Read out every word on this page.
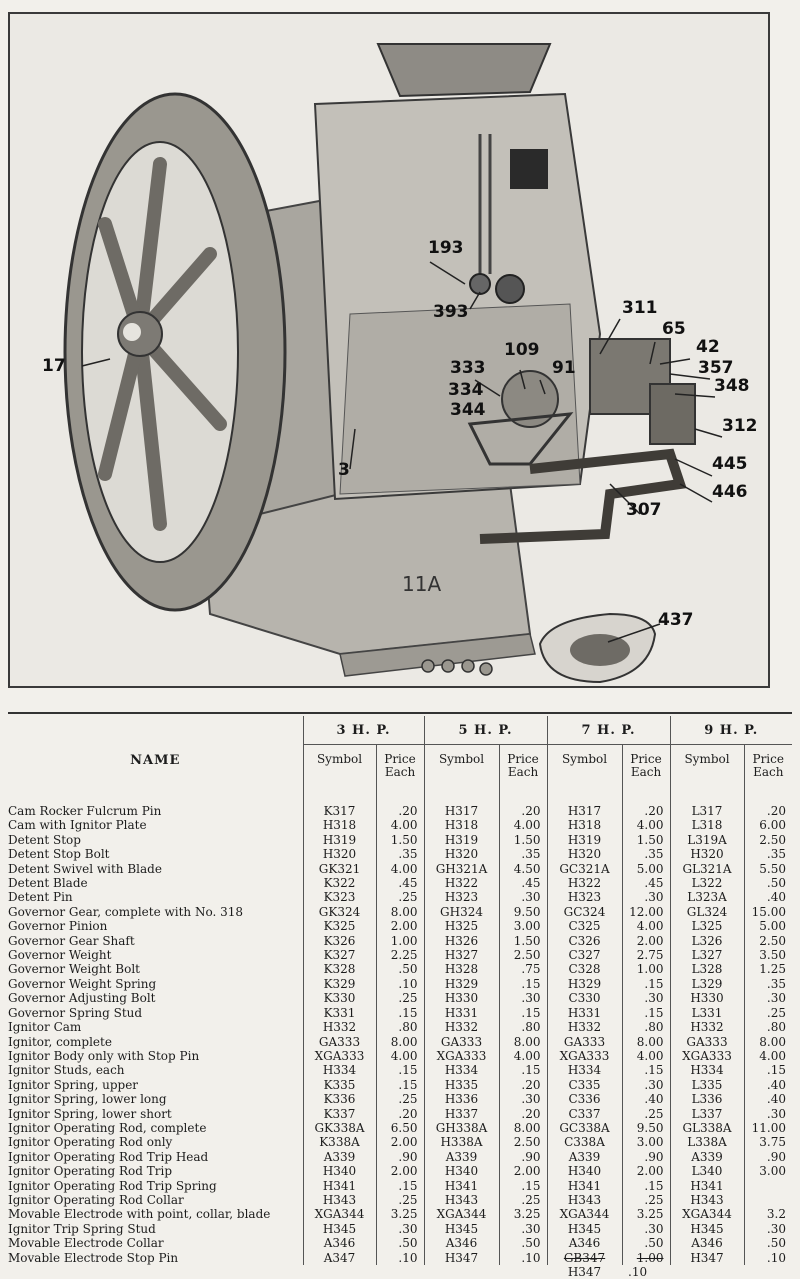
193
393	311
65
42
357
348
333
109
91
334
344
312
17
3	445
446
307
437
11A
NAME	3 H. P.		5 H. P.		7 H. P.		9 H. P.	
	Symbol	Price Each	Symbol	Price Each	Symbol	Price Each	Symbol	Price Each
Cam Rocker Fulcrum Pin	K317	.20	H317	.20	H317	.20	L317	.20
Cam with Ignitor Plate	H318	4.00	H318	4.00	H318	4.00	L318	6.00
Detent Stop	H319	1.50	H319	1.50	H319	1.50	L319A	2.50
Detent Stop Bolt	H320	.35	H320	.35	H320	.35	H320	.35
Detent Swivel with Blade	GK321	4.00	GH321A	4.50	GC321A	5.00	GL321A	5.50
Detent Blade	K322	.45	H322	.45	H322	.45	L322	.50
Detent Pin	K323	.25	H323	.30	H323	.30	L323A	.40
Governor Gear, complete with No. 318	GK324	8.00	GH324	9.50	GC324	12.00	GL324	15.00
Governor Pinion	K325	2.00	H325	3.00	C325	4.00	L325	5.00
Governor Gear Shaft	K326	1.00	H326	1.50	C326	2.00	L326	2.50
Governor Weight	K327	2.25	H327	2.50	C327	2.75	L327	3.50
Governor Weight Bolt	K328	.50	H328	.75	C328	1.00	L328	1.25
Governor Weight Spring	K329	.10	H329	.15	H329	.15	L329	.35
Governor Adjusting Bolt	K330	.25	H330	.30	C330	.30	H330	.30
Governor Spring Stud	K331	.15	H331	.15	H331	.15	L331	.25
Ignitor Cam	H332	.80	H332	.80	H332	.80	H332	.80
Ignitor, complete	GA333	8.00	GA333	8.00	GA333	8.00	GA333	8.00
Ignitor Body only with Stop Pin	XGA333	4.00	XGA333	4.00	XGA333	4.00	XGA333	4.00
Ignitor Studs, each	H334	.15	H334	.15	H334	.15	H334	.15
Ignitor Spring, upper	K335	.15	H335	.20	C335	.30	L335	.40
Ignitor Spring, lower long	K336	.25	H336	.30	C336	.40	L336	.40
Ignitor Spring, lower short	K337	.20	H337	.20	C337	.25	L337	.30
Ignitor Operating Rod, complete	GK338A	6.50	GH338A	8.00	GC338A	9.50	GL338A	11.00
Ignitor Operating Rod only	K338A	2.00	H338A	2.50	C338A	3.00	L338A	3.75
Ignitor Operating Rod Trip Head	A339	.90	A339	.90	A339	.90	A339	.90
Ignitor Operating Rod Trip	H340	2.00	H340	2.00	H340	2.00	L340	3.00
Ignitor Operating Rod Trip Spring	H341	.15	H341	.15	H341	.15	H341	
Ignitor Operating Rod Collar	H343	.25	H343	.25	H343	.25	H343	
Movable Electrode with point, collar, blade	XGA344	3.25	XGA344	3.25	XGA344	3.25	XGA344	3.2
Ignitor Trip Spring Stud	H345	.30	H345	.30	H345	.30	H345	.30
Movable Electrode Collar	A346	.50	A346	.50	A346	.50	A346	.50
Movable Electrode Stop Pin	A347	.10	H347	.10	GB347	1.00	H347	.10
					H347	.10		
